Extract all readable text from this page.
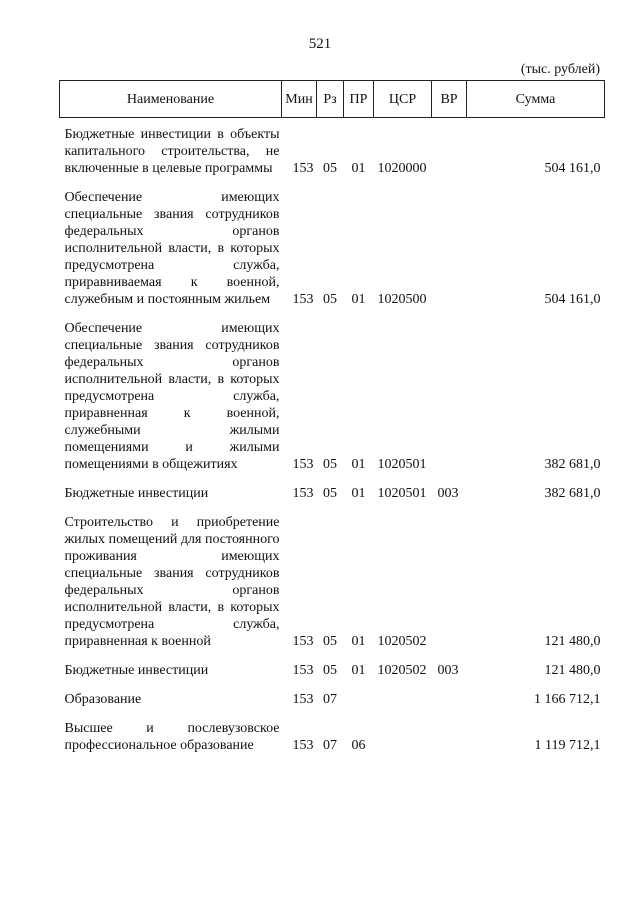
521
(тыс. рублей)
Наименование	Мин	Рз	ПР	ЦСР	ВР	Сумма
Бюджетные инвестиции в объекты капитального строительства, не включенные в целевые программы	153	05	01	1020000		504 161,0
Обеспечение имеющих специальные звания сотрудников федеральных органов исполнительной власти, в которых предусмотрена служба, приравниваемая к военной, служебным и постоянным жильем	153	05	01	1020500		504 161,0
Обеспечение имеющих специальные звания сотрудников федеральных органов исполнительной власти, в которых предусмотрена служба, приравненная к военной, служебными жилыми помещениями и жилыми помещениями в общежитиях	153	05	01	1020501		382 681,0
Бюджетные инвестиции	153	05	01	1020501	003	382 681,0
Строительство и приобретение жилых помещений для постоянного проживания имеющих специальные звания сотрудников федеральных органов исполнительной власти, в которых предусмотрена служба, приравненная к военной	153	05	01	1020502		121 480,0
Бюджетные инвестиции	153	05	01	1020502	003	121 480,0
Образование	153	07				1 166 712,1
Высшее и послевузовское профессиональное образование	153	07	06			1 119 712,1
